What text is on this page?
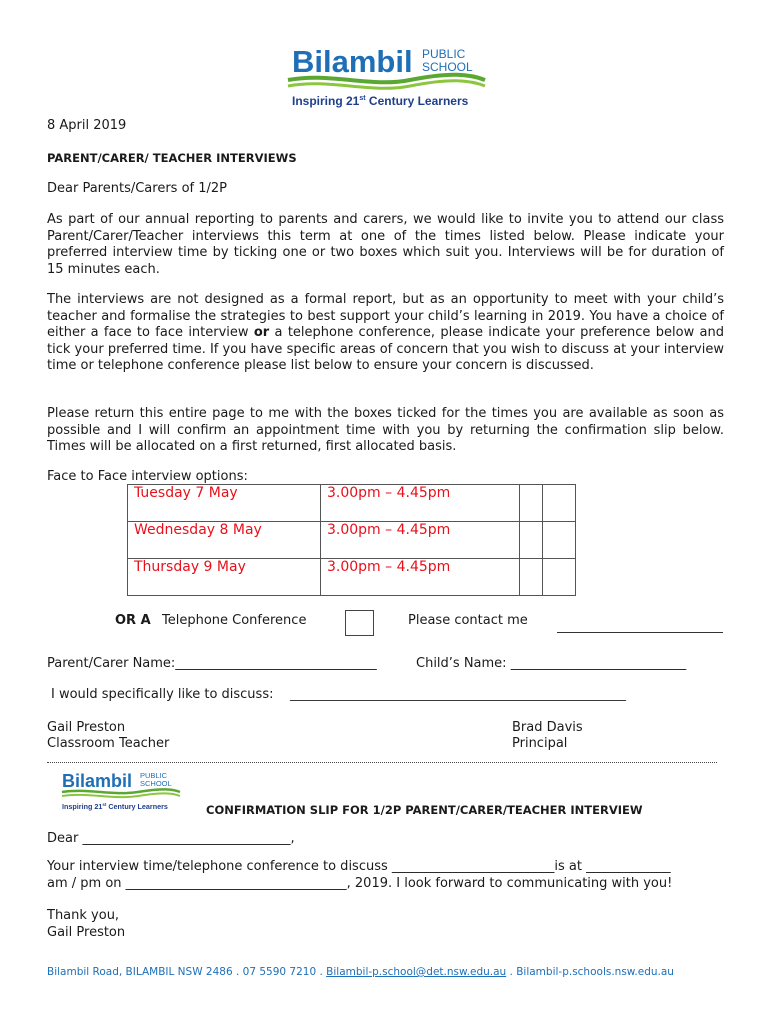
Bilambil PUBLIC
SCHOOL
Inspiring 21st Century Learners
8 April 2019
PARENT/CARER/ TEACHER INTERVIEWS
Dear Parents/Carers of 1/2P

As part of our annual reporting to parents and carers, we would like to invite you to attend our class Parent/Carer/Teacher interviews this term at one of the times listed below. Please indicate your preferred interview time by ticking one or two boxes which suit you. Interviews will be for duration of 15 minutes each.

The interviews are not designed as a formal report, but as an opportunity to meet with your child’s teacher and formalise the strategies to best support your child’s learning in 2019. You have a choice of either a face to face interview or a telephone conference, please indicate your preference below and tick your preferred time. If you have specific areas of concern that you wish to discuss at your interview time or telephone conference please list below to ensure your concern is discussed.

Please return this entire page to me with the boxes ticked for the times you are available as soon as possible and I will confirm an appointment time with you by returning the confirmation slip below. Times will be allocated on a first returned, first allocated basis.

Face to Face interview options:
Tuesday 7 May	3.00pm – 4.45pm		
Wednesday 8 May	3.00pm – 4.45pm		
Thursday 9 May	3.00pm – 4.45pm		
OR A Telephone Conference	Please contact me
Parent/Carer Name:_______________________________	Child’s Name: ___________________________
I would specifically like to discuss: ________________________________________________________
Gail Preston
Classroom Teacher
Brad Davis
Principal
Bilambil PUBLIC
SCHOOL
Inspiring 21st Century Learners	CONFIRMATION SLIP FOR 1/2P PARENT/CARER/TEACHER INTERVIEW
Dear ________________________________,
Your interview time/telephone conference to discuss _________________________is at _____________
am / pm on __________________________________, 2019. I look forward to communicating with you!
Thank you,
Gail Preston
Bilambil Road, BILAMBIL NSW 2486 . 07 5590 7210 . Bilambil-p.school@det.nsw.edu.au . Bilambil-p.schools.nsw.edu.au
